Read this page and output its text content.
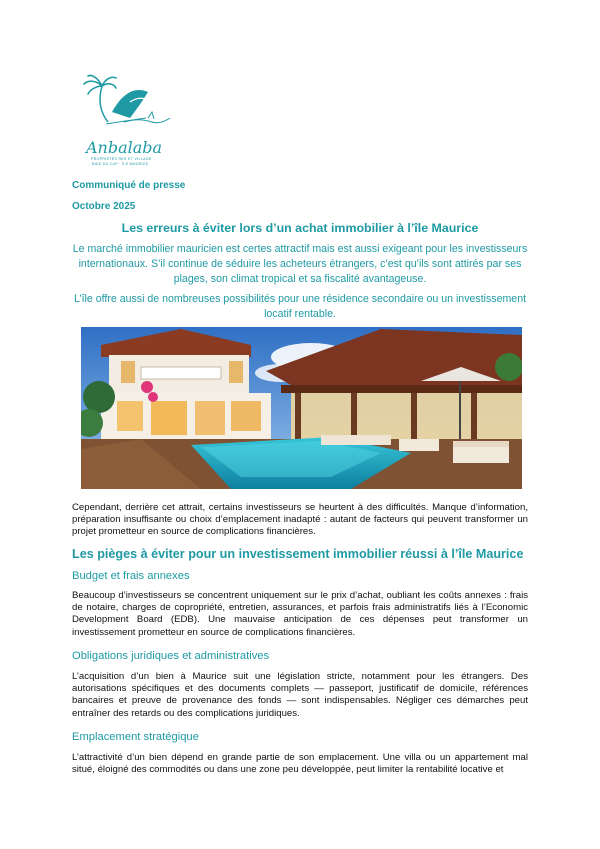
Anbalaba
PROPRIÉTÉS RES ET VILLAGE
BAIE DU CAP · ÎLE MAURICE
Communiqué de presse
Octobre 2025
Les erreurs à éviter lors d’un achat immobilier à l’île Maurice
Le marché immobilier mauricien est certes attractif mais est aussi exigeant pour les investisseurs internationaux. S’il continue de séduire les acheteurs étrangers, c’est qu’ils sont attirés par ses plages, son climat tropical et sa fiscalité avantageuse.
L’île offre aussi de nombreuses possibilités pour une résidence secondaire ou un investissement locatif rentable.
Cependant, derrière cet attrait, certains investisseurs se heurtent à des difficultés. Manque d’information, préparation insuffisante ou choix d’emplacement inadapté : autant de facteurs qui peuvent transformer un projet prometteur en source de complications financières.
Les pièges à éviter pour un investissement immobilier réussi à l’île Maurice
Budget et frais annexes
Beaucoup d’investisseurs se concentrent uniquement sur le prix d’achat, oubliant les coûts annexes : frais de notaire, charges de copropriété, entretien, assurances, et parfois frais administratifs liés à l’Economic Development Board (EDB). Une mauvaise anticipation de ces dépenses peut transformer un investissement prometteur en source de complications financières.
Obligations juridiques et administratives
L’acquisition d’un bien à Maurice suit une législation stricte, notamment pour les étrangers. Des autorisations spécifiques et des documents complets — passeport, justificatif de domicile, références bancaires et preuve de provenance des fonds — sont indispensables. Négliger ces démarches peut entraîner des retards ou des complications juridiques.
Emplacement stratégique
L’attractivité d’un bien dépend en grande partie de son emplacement. Une villa ou un appartement mal situé, éloigné des commodités ou dans une zone peu développée, peut limiter la rentabilité locative et
